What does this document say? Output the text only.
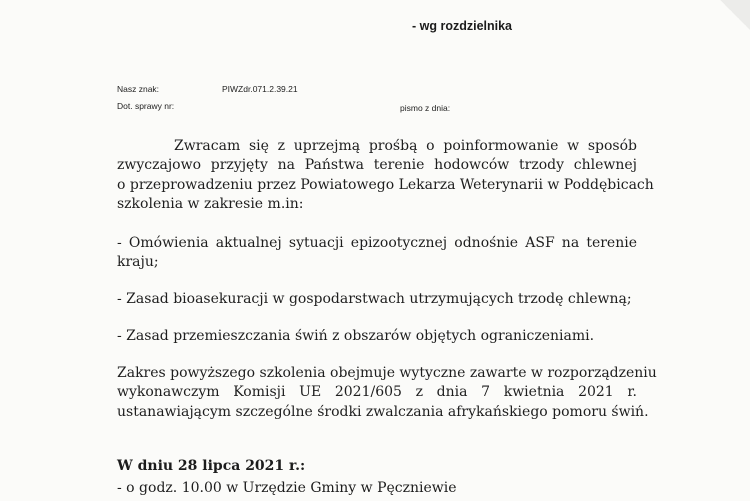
- wg rozdzielnika
Nasz znak:	PIWZdr.071.2.39.21
Dot. sprawy nr:	pismo z dnia:
Zwracam się z uprzejmą prośbą o poinformowanie w sposób
zwyczajowo przyjęty na Państwa terenie hodowców trzody chlewnej
o przeprowadzeniu przez Powiatowego Lekarza Weterynarii w Poddębicach
szkolenia w zakresie m.in:
- Omówienia aktualnej sytuacji epizootycznej odnośnie ASF na terenie
kraju;
- Zasad bioasekuracji w gospodarstwach utrzymujących trzodę chlewną;
- Zasad przemieszczania świń z obszarów objętych ograniczeniami.
Zakres powyższego szkolenia obejmuje wytyczne zawarte w rozporządzeniu
wykonawczym Komisji UE 2021/605 z dnia 7 kwietnia 2021 r.
ustanawiającym szczególne środki zwalczania afrykańskiego pomoru świń.
W dniu 28 lipca 2021 r.:
- o godz. 10.00 w Urzędzie Gminy w Pęczniewie
